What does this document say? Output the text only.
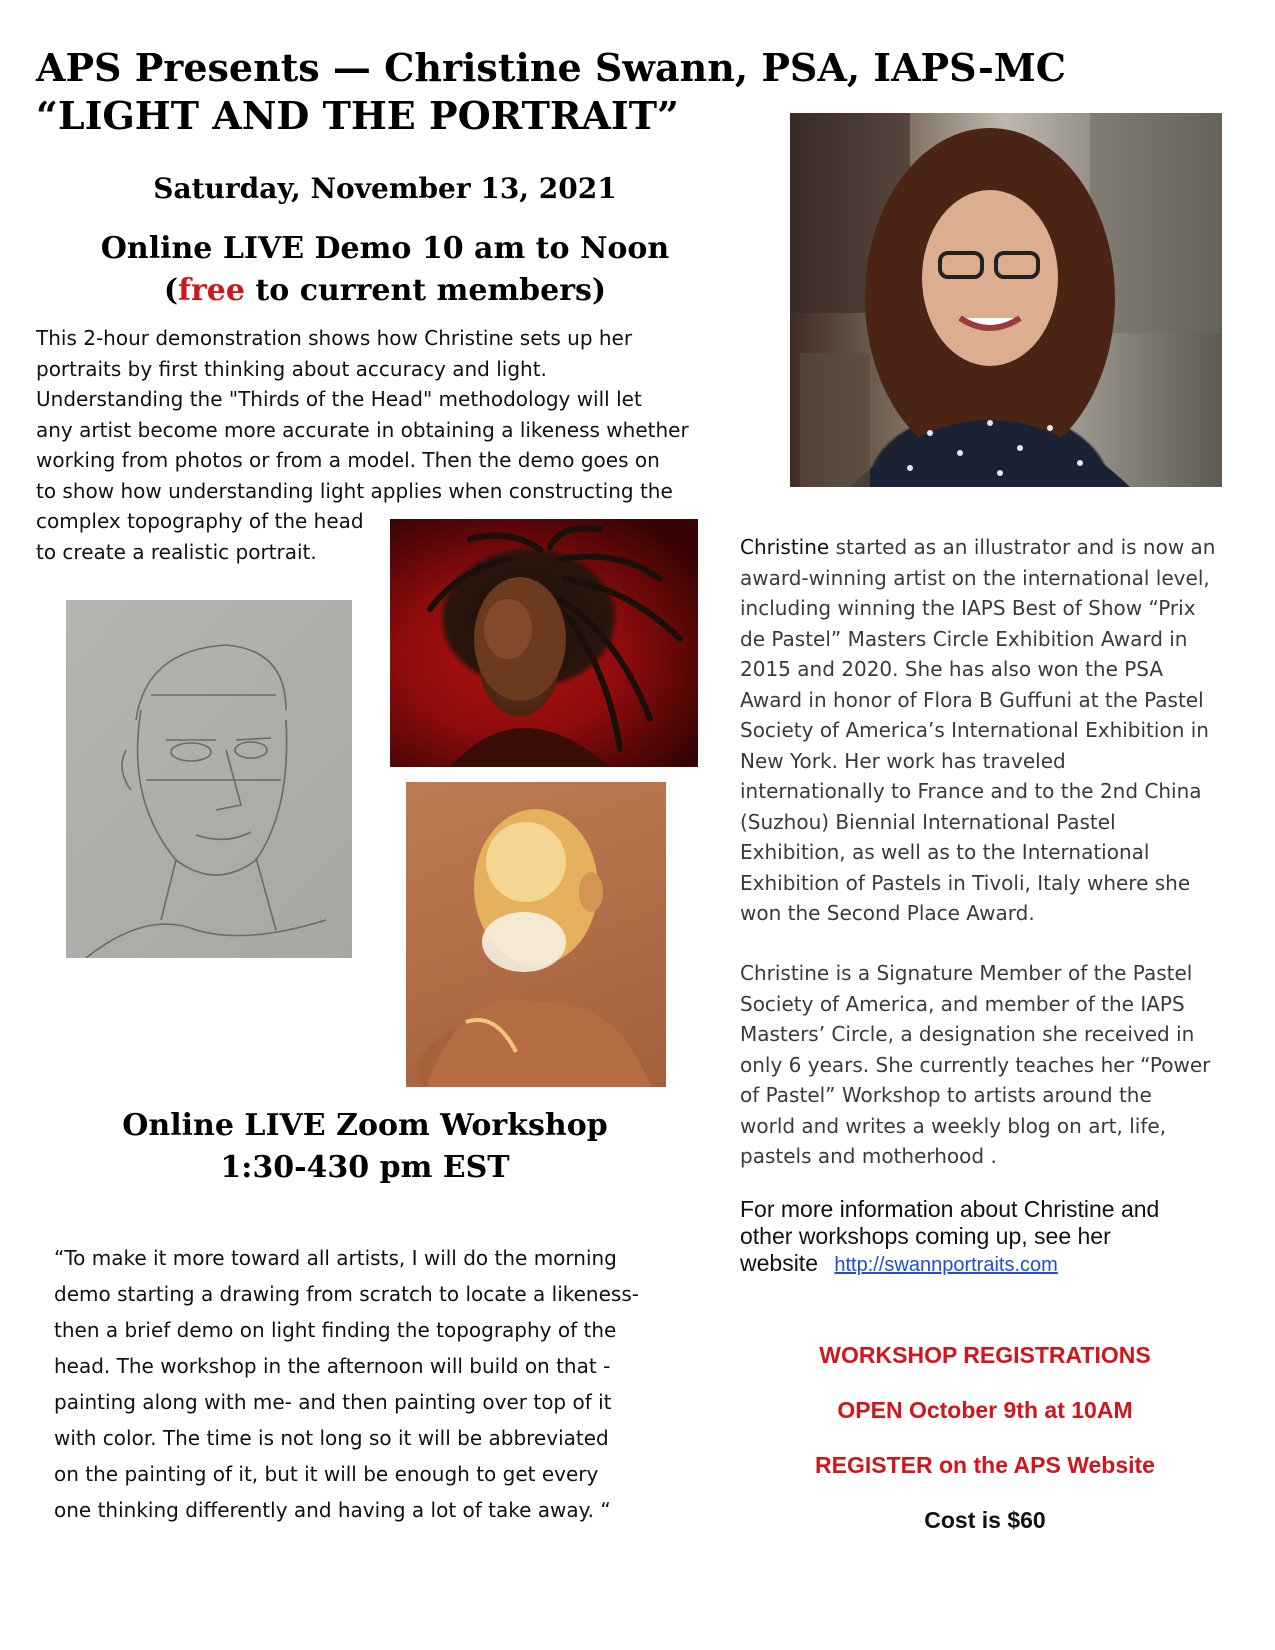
APS Presents — Christine Swann, PSA, IAPS-MC
“LIGHT AND THE PORTRAIT”
Saturday, November 13, 2021
Online LIVE Demo 10 am to Noon
(free to current members)
This 2-hour demonstration shows how Christine sets up her
portraits by first thinking about accuracy and light.
Understanding the "Thirds of the Head" methodology will let
any artist become more accurate in obtaining a likeness whether
working from photos or from a model. Then the demo goes on
to show how understanding light applies when constructing the
complex topography of the head
to create a realistic portrait.
Online LIVE Zoom Workshop
1:30-430 pm EST
“To make it more toward all artists, I will do the morning
demo starting a drawing from scratch to locate a likeness-
then a brief demo on light finding the topography of the
head. The workshop in the afternoon will build on that -
painting along with me- and then painting over top of it
with color. The time is not long so it will be abbreviated
on the painting of it, but it will be enough to get every
one thinking differently and having a lot of take away. “
Christine started as an illustrator and is now an
award-winning artist on the international level,
including winning the IAPS Best of Show “Prix
de Pastel” Masters Circle Exhibition Award in
2015 and 2020. She has also won the PSA
Award in honor of Flora B Guffuni at the Pastel
Society of America’s International Exhibition in
New York. Her work has traveled
internationally to France and to the 2nd China
(Suzhou) Biennial International Pastel
Exhibition, as well as to the International
Exhibition of Pastels in Tivoli, Italy where she
won the Second Place Award.
Christine is a Signature Member of the Pastel
Society of America, and member of the IAPS
Masters’ Circle, a designation she received in
only 6 years. She currently teaches her “Power
of Pastel” Workshop to artists around the
world and writes a weekly blog on art, life,
pastels and motherhood .
For more information about Christine and
other workshops coming up, see her
website http://swannportraits.com
WORKSHOP REGISTRATIONS
OPEN October 9th at 10AM
REGISTER on the APS Website
Cost is $60
